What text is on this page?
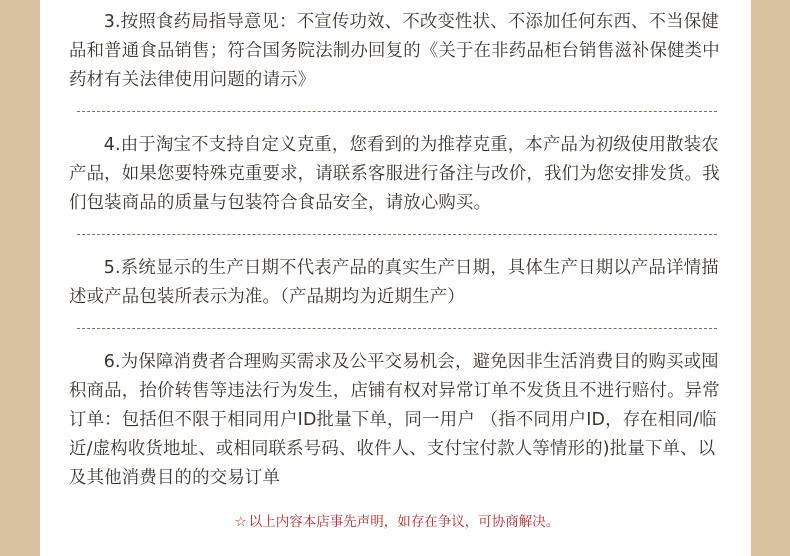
3.按照食药局指导意见：不宣传功效、不改变性状、不添加任何东西、不当保健品和普通食品销售；符合国务院法制办回复的《关于在非药品柜台销售滋补保健类中药材有关法律使用问题的请示》

4.由于淘宝不支持自定义克重，您看到的为推荐克重，本产品为初级使用散装农产品，如果您要特殊克重要求，请联系客服进行备注与改价，我们为您安排发货。我们包装商品的质量与包装符合食品安全，请放心购买。

5.系统显示的生产日期不代表产品的真实生产日期，具体生产日期以产品详情描述或产品包装所表示为准。（产品期均为近期生产）

6.为保障消费者合理购买需求及公平交易机会，避免因非生活消费目的购买或囤积商品，抬价转售等违法行为发生，店铺有权对异常订单不发货且不进行赔付。异常订单：包括但不限于相同用户ID批量下单，同一用户 （指不同用户ID，存在相同/临近/虚构收货地址、或相同联系号码、收件人、支付宝付款人等情形的)批量下单、以及其他消费目的的交易订单

☆ 以上内容本店事先声明，如存在争议，可协商解决。
